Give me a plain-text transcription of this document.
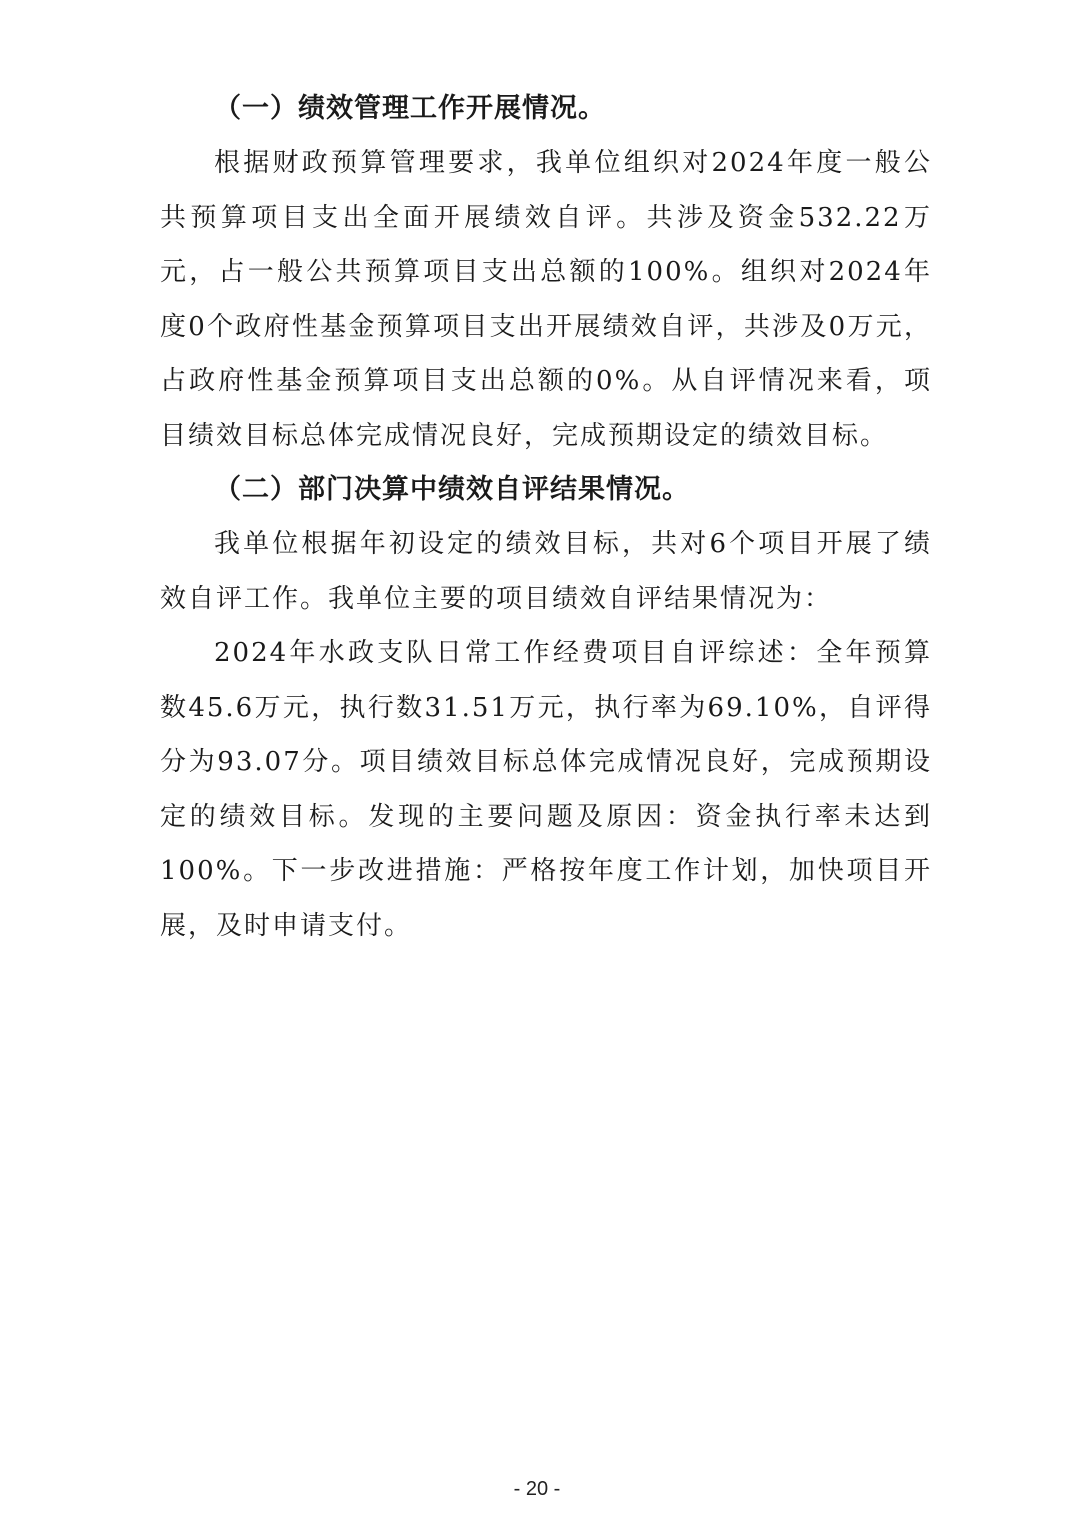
（一）绩效管理工作开展情况。

根据财政预算管理要求，我单位组织对2024年度一般公共预算项目支出全面开展绩效自评。共涉及资金532.22万元，占一般公共预算项目支出总额的100%。组织对2024年度0个政府性基金预算项目支出开展绩效自评，共涉及0万元，占政府性基金预算项目支出总额的0%。从自评情况来看，项目绩效目标总体完成情况良好，完成预期设定的绩效目标。

（二）部门决算中绩效自评结果情况。

我单位根据年初设定的绩效目标，共对6个项目开展了绩效自评工作。我单位主要的项目绩效自评结果情况为：

2024年水政支队日常工作经费项目自评综述：全年预算数45.6万元，执行数31.51万元，执行率为69.10%，自评得分为93.07分。项目绩效目标总体完成情况良好，完成预期设定的绩效目标。发现的主要问题及原因：资金执行率未达到100%。下一步改进措施：严格按年度工作计划，加快项目开展，及时申请支付。

- 20 -
